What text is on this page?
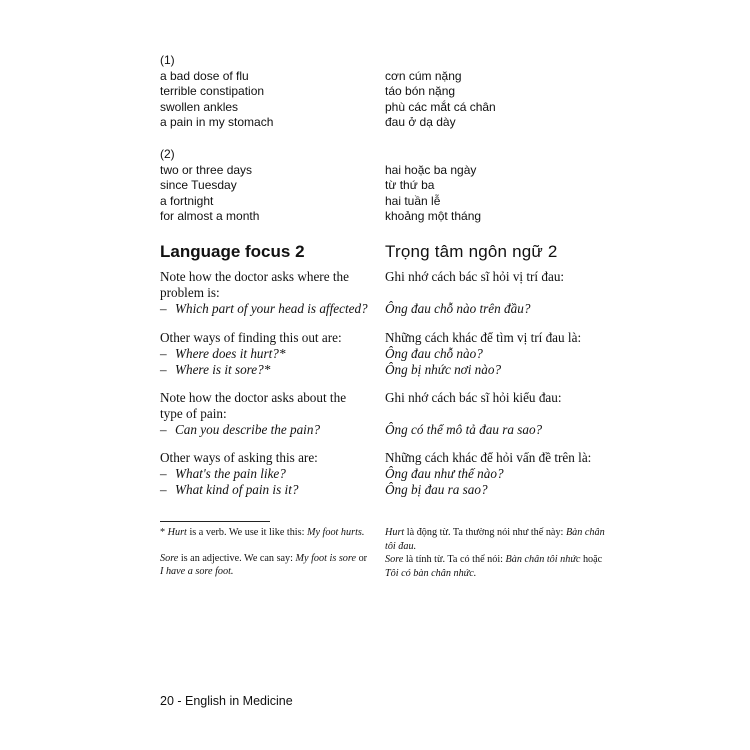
(1)
a bad dose of flu
terrible constipation
swollen ankles
a pain in my stomach
cơn cúm nặng
táo bón nặng
phù các mắt cá chân
đau ở dạ dày
(2)
two or three days
since Tuesday
a fortnight
for almost a month
hai hoặc ba ngày
từ thứ ba
hai tuần lễ
khoảng một tháng
Language focus 2	Trọng tâm ngôn ngữ 2

Note how the doctor asks where the problem is:

– Which part of your head is affected?

Ghi nhớ cách bác sĩ hỏi vị trí đau:

Ông đau chỗ nào trên đầu?

Other ways of finding this out are:

– Where does it hurt?*
– Where is it sore?*

Những cách khác để tìm vị trí đau là:

Ông đau chỗ nào?
Ông bị nhức nơi nào?

Note how the doctor asks about the type of pain:

– Can you describe the pain?

Ghi nhớ cách bác sĩ hỏi kiểu đau:

Ông có thể mô tả đau ra sao?

Other ways of asking this are:

– What's the pain like?
– What kind of pain is it?

Những cách khác để hỏi vấn đề trên là:

Ông đau như thế nào?
Ông bị đau ra sao?

* Hurt is a verb. We use it like this: My foot hurts.

Sore is an adjective. We can say: My foot is sore or I have a sore foot.

Hurt là động từ. Ta thường nói như thế này: Bàn chân tôi đau.

Sore là tính từ. Ta có thể nói: Bàn chân tôi nhức hoặc Tôi có bàn chân nhức.

20 - English in Medicine
